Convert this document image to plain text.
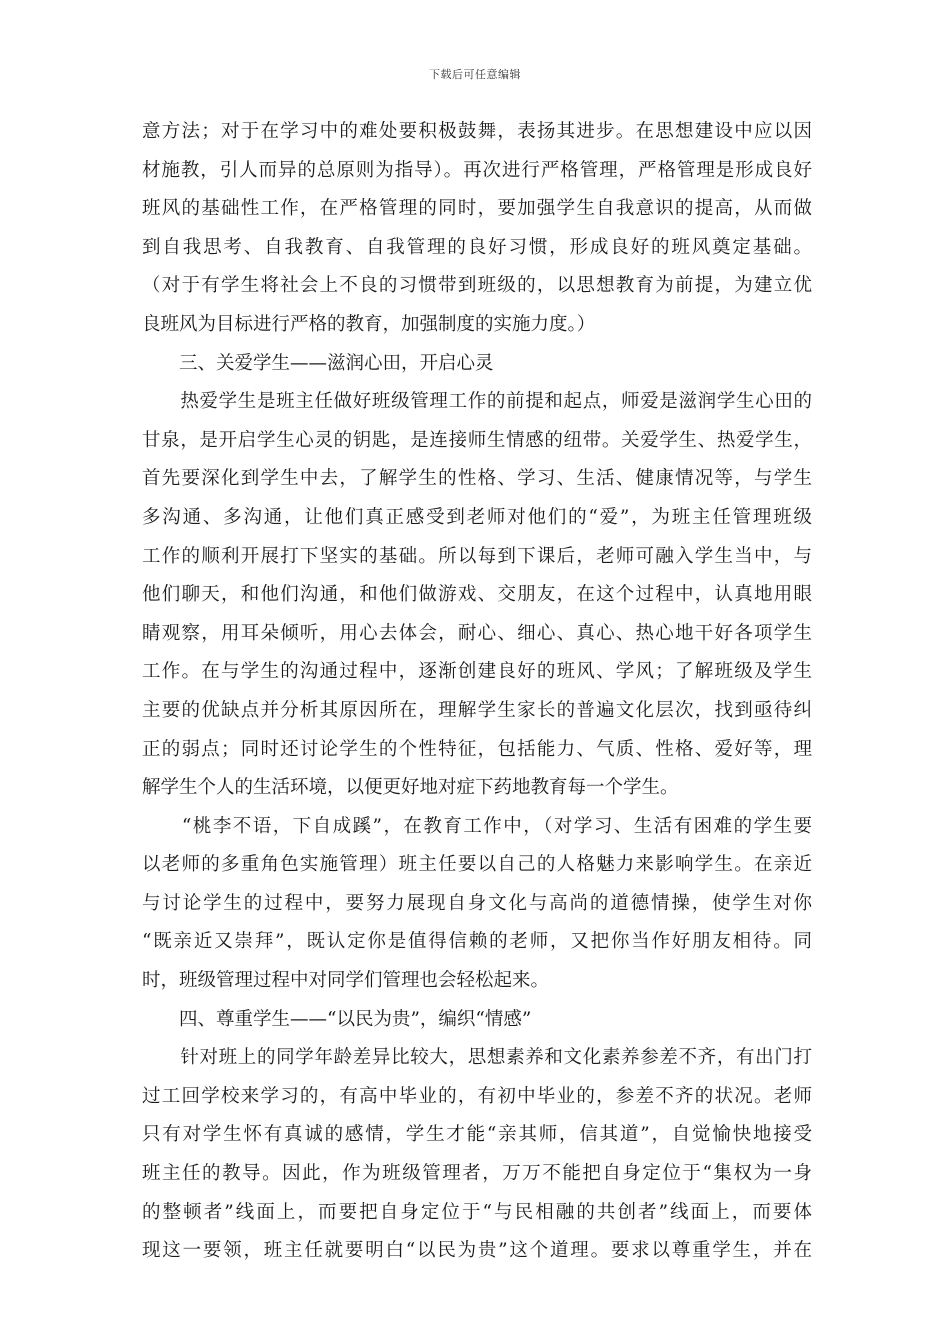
下载后可任意编辑
意方法；对于在学习中的难处要积极鼓舞，表扬其进步。在思想建设中应以因
材施教，引人而异的总原则为指导）。再次进行严格管理，严格管理是形成良好
班风的基础性工作，在严格管理的同时，要加强学生自我意识的提高，从而做
到自我思考、自我教育、自我管理的良好习惯，形成良好的班风奠定基础。
（对于有学生将社会上不良的习惯带到班级的，以思想教育为前提，为建立优
良班风为目标进行严格的教育，加强制度的实施力度。）
　　三、关爱学生——滋润心田，开启心灵
　　热爱学生是班主任做好班级管理工作的前提和起点，师爱是滋润学生心田的
甘泉，是开启学生心灵的钥匙，是连接师生情感的纽带。关爱学生、热爱学生，
首先要深化到学生中去，了解学生的性格、学习、生活、健康情况等，与学生
多沟通、多沟通，让他们真正感受到老师对他们的“爱”，为班主任管理班级
工作的顺利开展打下坚实的基础。所以每到下课后，老师可融入学生当中，与
他们聊天，和他们沟通，和他们做游戏、交朋友，在这个过程中，认真地用眼
睛观察，用耳朵倾听，用心去体会，耐心、细心、真心、热心地干好各项学生
工作。在与学生的沟通过程中，逐渐创建良好的班风、学风；了解班级及学生
主要的优缺点并分析其原因所在，理解学生家长的普遍文化层次，找到亟待纠
正的弱点；同时还讨论学生的个性特征，包括能力、气质、性格、爱好等，理
解学生个人的生活环境，以便更好地对症下药地教育每一个学生。
　　“桃李不语，下自成蹊”，在教育工作中，（对学习、生活有困难的学生要
以老师的多重角色实施管理）班主任要以自己的人格魅力来影响学生。在亲近
与讨论学生的过程中，要努力展现自身文化与高尚的道德情操，使学生对你
“既亲近又崇拜”，既认定你是值得信赖的老师，又把你当作好朋友相待。同
时，班级管理过程中对同学们管理也会轻松起来。
　　四、尊重学生——“以民为贵”，编织“情感”
　　针对班上的同学年龄差异比较大，思想素养和文化素养参差不齐，有出门打
过工回学校来学习的，有高中毕业的，有初中毕业的，参差不齐的状况。老师
只有对学生怀有真诚的感情，学生才能“亲其师，信其道”，自觉愉快地接受
班主任的教导。因此，作为班级管理者，万万不能把自身定位于“集权为一身
的整顿者”线面上，而要把自身定位于“与民相融的共创者”线面上，而要体
现这一要领，班主任就要明白“以民为贵”这个道理。要求以尊重学生，并在
